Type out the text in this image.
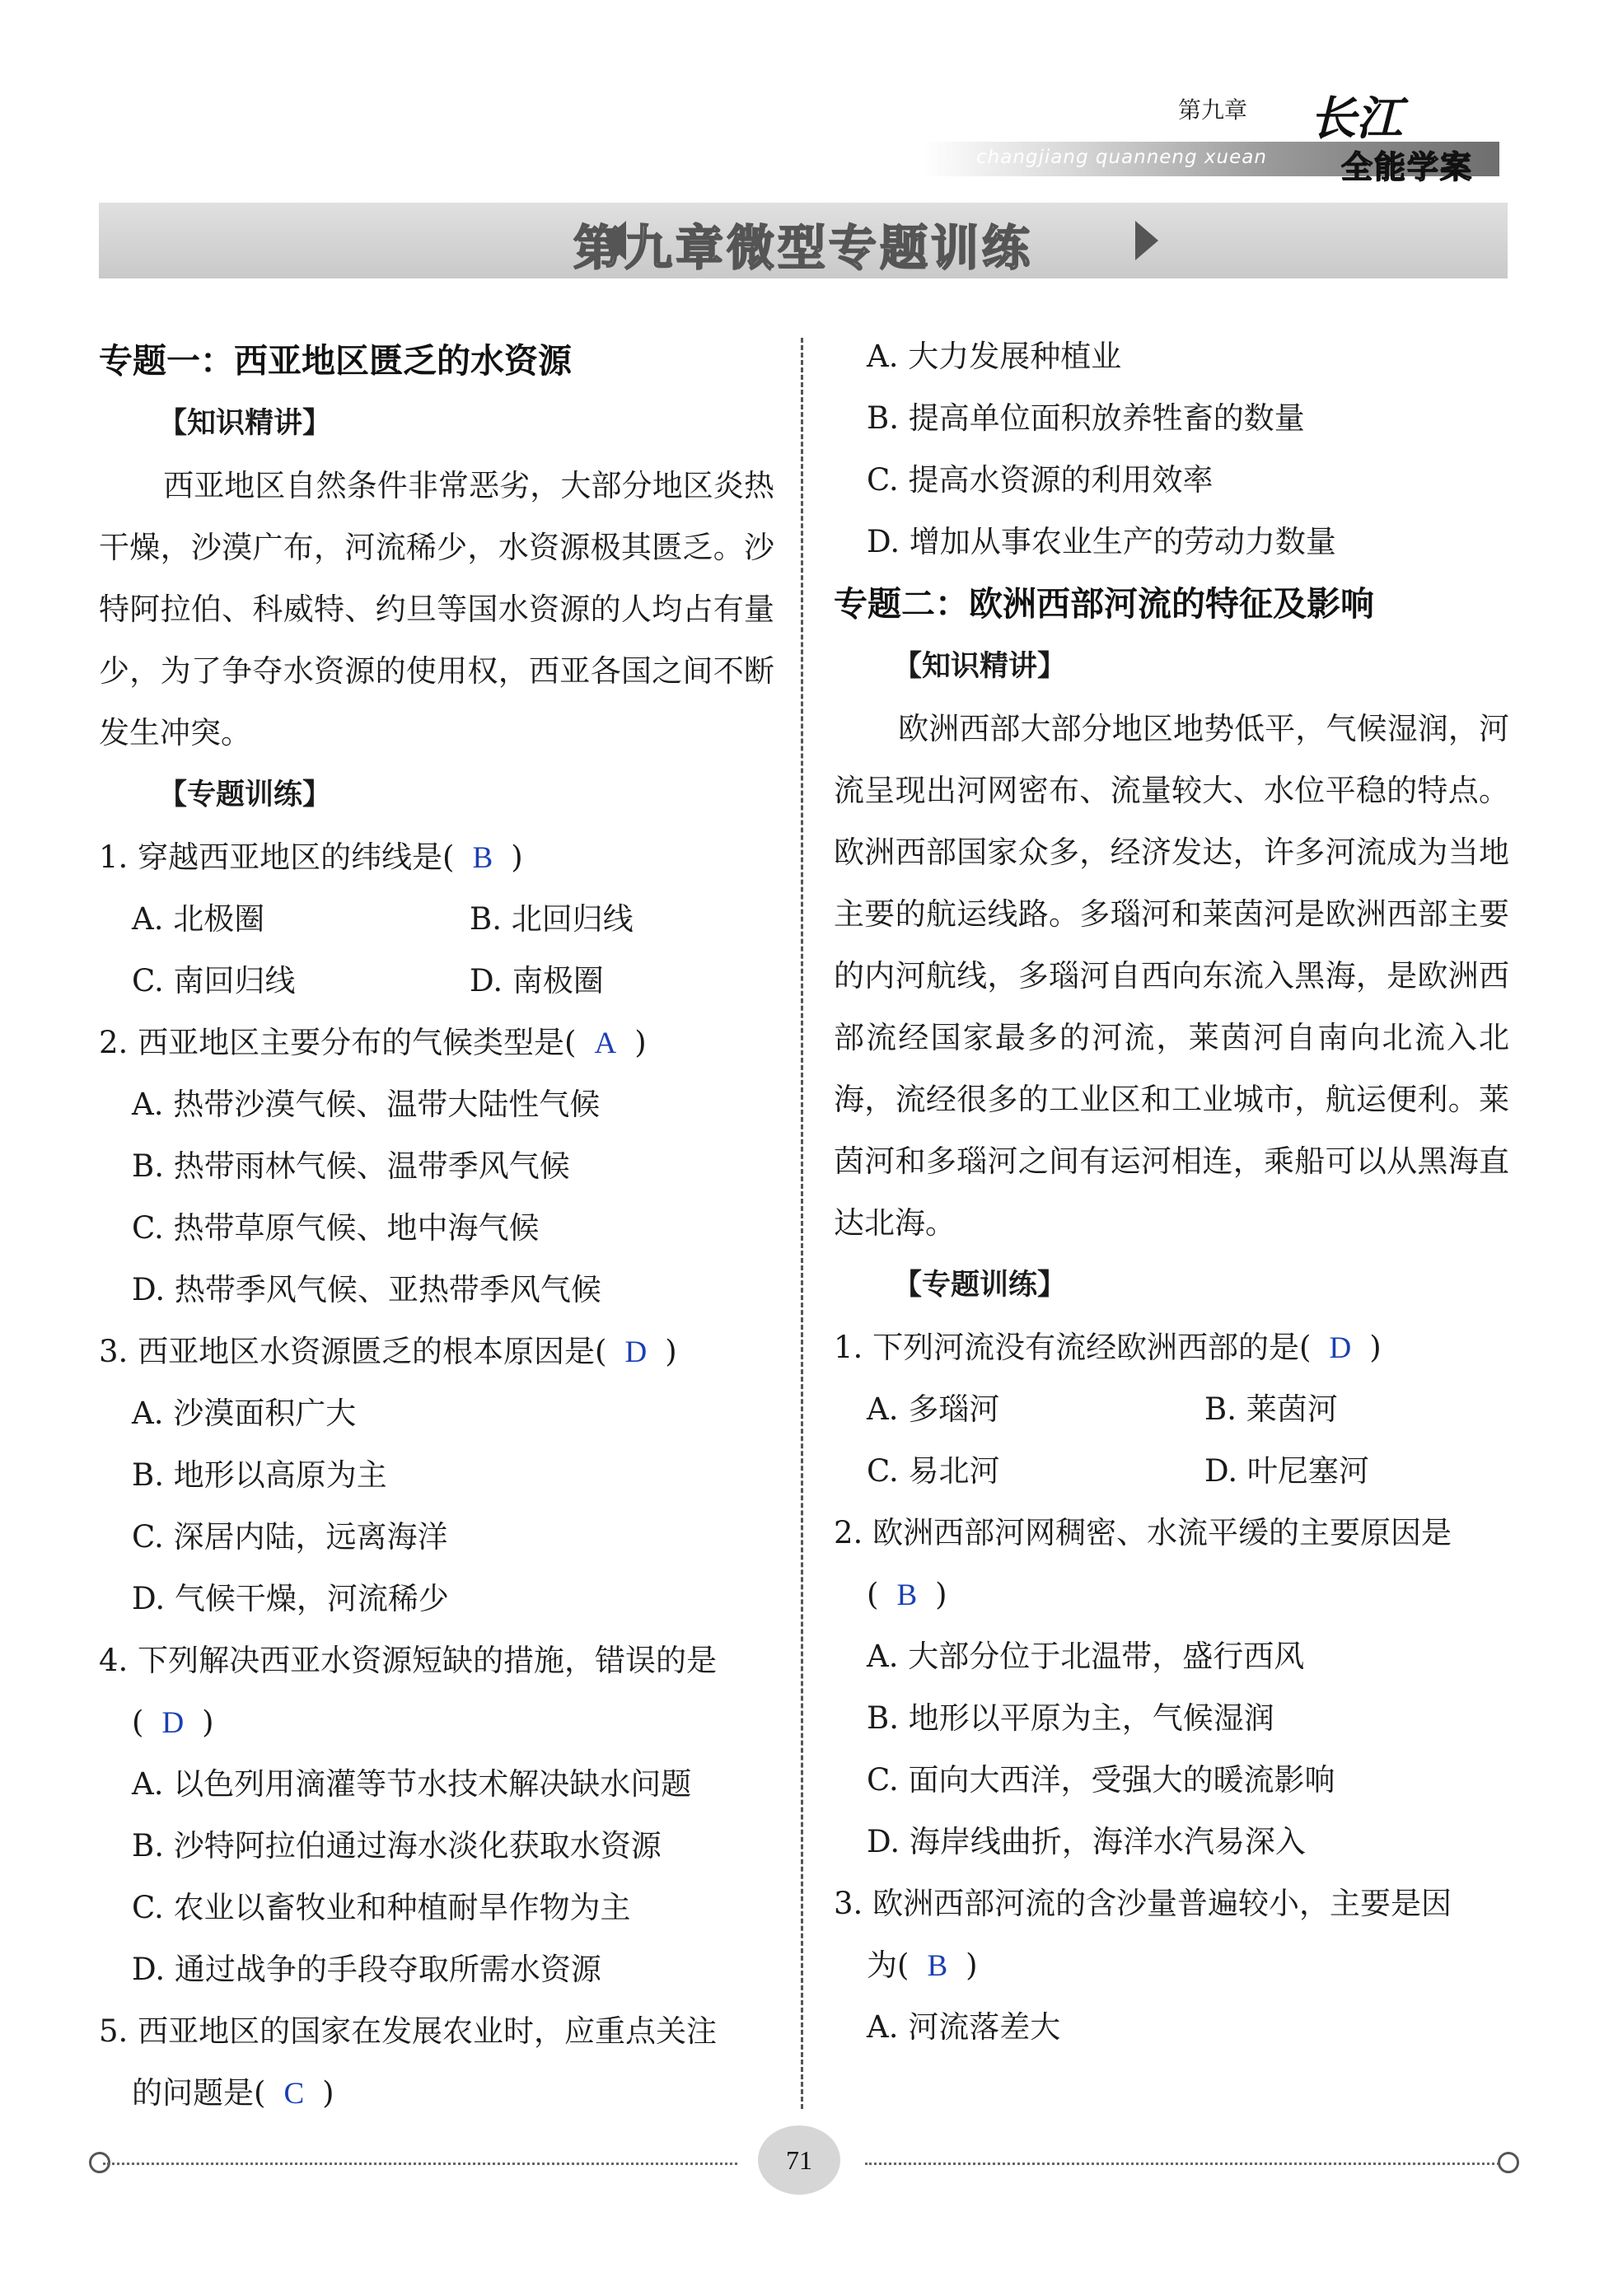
第九章
changjiang quanneng xuean
长江
全能学案
第九章微型专题训练
专题一：西亚地区匮乏的水资源
【知识精讲】

西亚地区自然条件非常恶劣，大部分地区炎热干燥，沙漠广布，河流稀少，水资源极其匮乏。沙特阿拉伯、科威特、约旦等国水资源的人均占有量少，为了争夺水资源的使用权，西亚各国之间不断发生冲突。

【专题训练】
1. 穿越西亚地区的纬线是( B )
A. 北极圈	B. 北回归线
C. 南回归线	D. 南极圈
2. 西亚地区主要分布的气候类型是( A )
A. 热带沙漠气候、温带大陆性气候
B. 热带雨林气候、温带季风气候
C. 热带草原气候、地中海气候
D. 热带季风气候、亚热带季风气候
3. 西亚地区水资源匮乏的根本原因是( D )
A. 沙漠面积广大
B. 地形以高原为主
C. 深居内陆，远离海洋
D. 气候干燥，河流稀少
4. 下列解决西亚水资源短缺的措施，错误的是
( D )
A. 以色列用滴灌等节水技术解决缺水问题
B. 沙特阿拉伯通过海水淡化获取水资源
C. 农业以畜牧业和种植耐旱作物为主
D. 通过战争的手段夺取所需水资源
5. 西亚地区的国家在发展农业时，应重点关注
的问题是( C )
A. 大力发展种植业
B. 提高单位面积放养牲畜的数量
C. 提高水资源的利用效率
D. 增加从事农业生产的劳动力数量
专题二：欧洲西部河流的特征及影响
【知识精讲】

欧洲西部大部分地区地势低平，气候湿润，河流呈现出河网密布、流量较大、水位平稳的特点。欧洲西部国家众多，经济发达，许多河流成为当地主要的航运线路。多瑙河和莱茵河是欧洲西部主要的内河航线，多瑙河自西向东流入黑海，是欧洲西部流经国家最多的河流，莱茵河自南向北流入北海，流经很多的工业区和工业城市，航运便利。莱茵河和多瑙河之间有运河相连，乘船可以从黑海直达北海。

【专题训练】
1. 下列河流没有流经欧洲西部的是( D )
A. 多瑙河	B. 莱茵河
C. 易北河	D. 叶尼塞河
2. 欧洲西部河网稠密、水流平缓的主要原因是
( B )
A. 大部分位于北温带，盛行西风
B. 地形以平原为主，气候湿润
C. 面向大西洋，受强大的暖流影响
D. 海岸线曲折，海洋水汽易深入
3. 欧洲西部河流的含沙量普遍较小，主要是因
为( B )
A. 河流落差大
71
